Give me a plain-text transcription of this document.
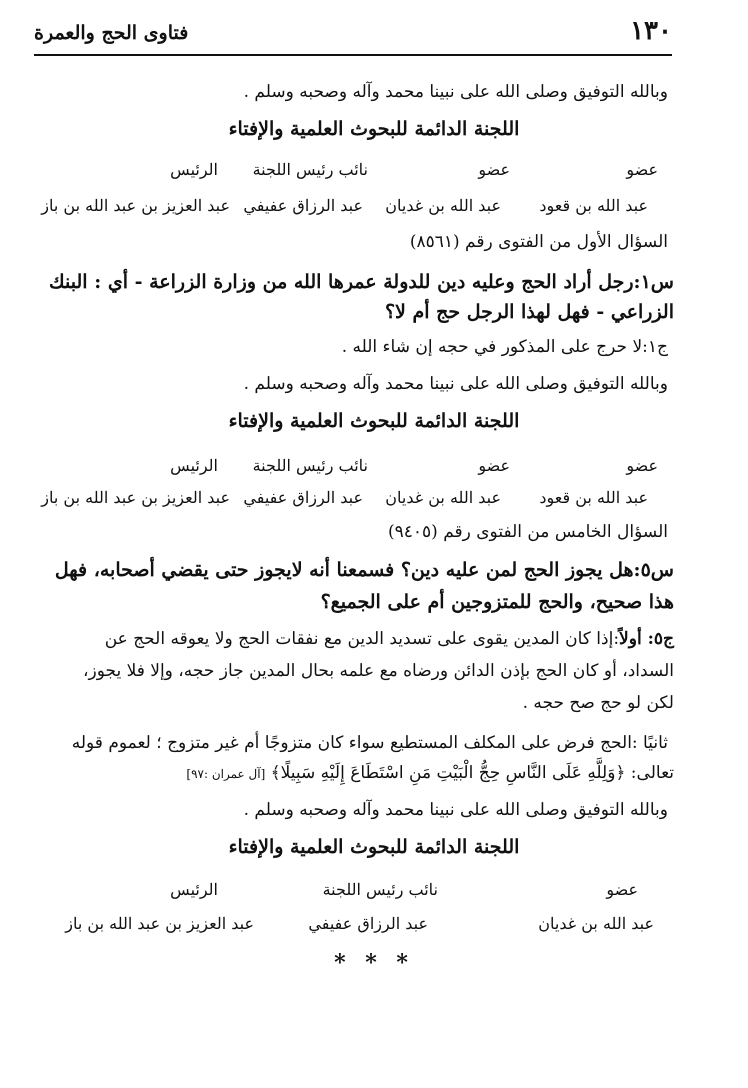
١٣٠
فتاوى الحج والعمرة
وبالله التوفيق وصلى الله على نبينا محمد وآله وصحبه وسلم .
اللجنة الدائمة للبحوث العلمية والإفتاء
عضو
عضو
نائب رئيس اللجنة
الرئيس
عبد الله بن قعود
عبد الله بن غديان
عبد الرزاق عفيفي
عبد العزيز بن عبد الله بن باز
السؤال الأول من الفتوى رقم (٨٥٦١)
س١:رجل أراد الحج وعليه دين للدولة عمرها الله من وزارة الزراعة - أي : البنك
الزراعي - فهل لهذا الرجل حج أم لا؟
ج١:لا حرج على المذكور في حجه إن شاء الله .
وبالله التوفيق وصلى الله على نبينا محمد وآله وصحبه وسلم .
اللجنة الدائمة للبحوث العلمية والإفتاء
عضو
عضو
نائب رئيس اللجنة
الرئيس
عبد الله بن قعود
عبد الله بن غديان
عبد الرزاق عفيفي
عبد العزيز بن عبد الله بن باز
السؤال الخامس من الفتوى رقم (٩٤٠٥)
س٥:هل يجوز الحج لمن عليه دين؟ فسمعنا أنه لايجوز حتى يقضي أصحابه، فهل
هذا صحيح، والحج للمتزوجين أم على الجميع؟
ج٥: أولاً:إذا كان المدين يقوى على تسديد الدين مع نفقات الحج ولا يعوقه الحج عن
السداد، أو كان الحج بإذن الدائن ورضاه مع علمه بحال المدين جاز حجه، وإلا فلا يجوز،
لكن لو حج صح حجه .
ثانيًا :الحج فرض على المكلف المستطيع سواء كان متزوجًا أم غير متزوج ؛ لعموم قوله
تعالى: ﴿وَلِلَّهِ عَلَى النَّاسِ حِجُّ الْبَيْتِ مَنِ اسْتَطَاعَ إِلَيْهِ سَبِيلًا﴾ [آل عمران :٩٧]
وبالله التوفيق وصلى الله على نبينا محمد وآله وصحبه وسلم .
اللجنة الدائمة للبحوث العلمية والإفتاء
عضو
نائب رئيس اللجنة
الرئيس
عبد الله بن غديان
عبد الرزاق عفيفي
عبد العزيز بن عبد الله بن باز
* * *
